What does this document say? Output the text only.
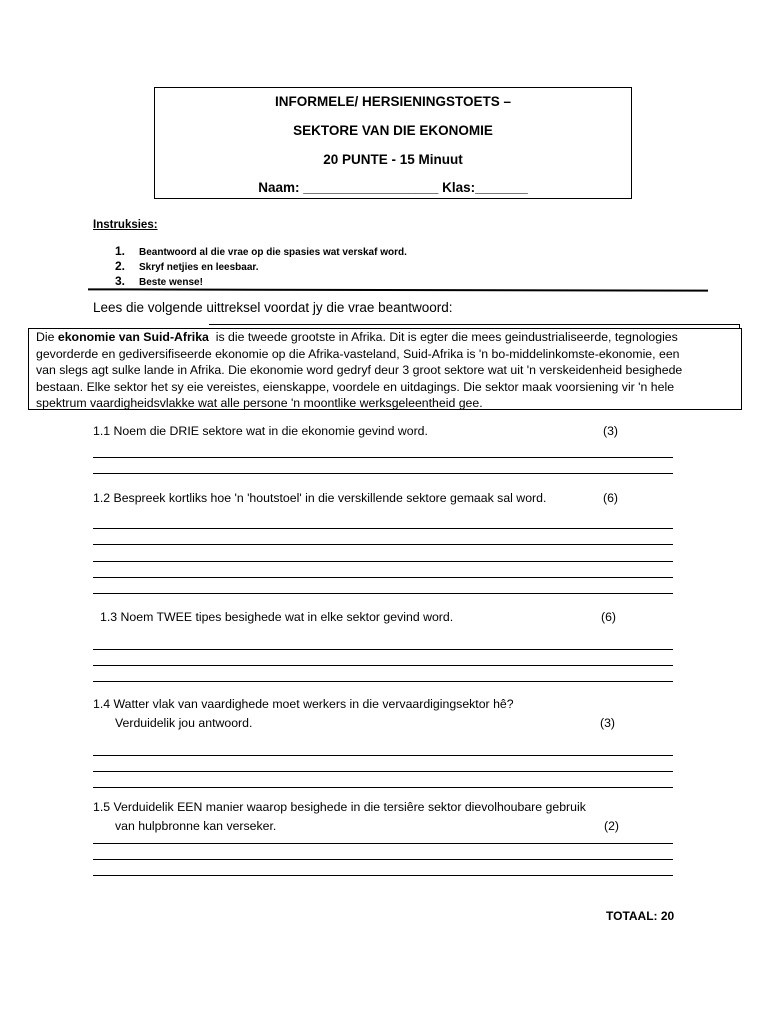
INFORMELE/ HERSIENINGSTOETS –
SEKTORE VAN DIE EKONOMIE
20 PUNTE - 15 Minuut
Naam: __________________ Klas:_______
Instruksies:
1. Beantwoord al die vrae op die spasies wat verskaf word.
2. Skryf netjies en leesbaar.
3. Beste wense!
Lees die volgende uittreksel voordat jy die vrae beantwoord:
Die ekonomie van Suid-Afrika  is die tweede grootste in Afrika. Dit is egter die mees geindustrialiseerde, tegnologies
gevorderde en gediversifiseerde ekonomie op die Afrika-vasteland, Suid-Afrika is 'n bo-middelinkomste-ekonomie, een
van slegs agt sulke lande in Afrika. Die ekonomie word gedryf deur 3 groot sektore wat uit 'n verskeidenheid besighede
bestaan. Elke sektor het sy eie vereistes, eienskappe, voordele en uitdagings. Die sektor maak voorsiening vir 'n hele
spektrum vaardigheidsvlakke wat alle persone 'n moontlike werksgeleentheid gee.
1.1 Noem die DRIE sektore wat in die ekonomie gevind word.	(3)
1.2 Bespreek kortliks hoe 'n 'houtstoel' in die verskillende sektore gemaak sal word.	(6)
1.3 Noem TWEE tipes besighede wat in elke sektor gevind word.	(6)
1.4 Watter vlak van vaardighede moet werkers in die vervaardigingsektor hê?
Verduidelik jou antwoord.	(3)
1.5 Verduidelik EEN manier waarop besighede in die tersiêre sektor dievolhoubare gebruik
van hulpbronne kan verseker.	(2)
TOTAAL: 20
